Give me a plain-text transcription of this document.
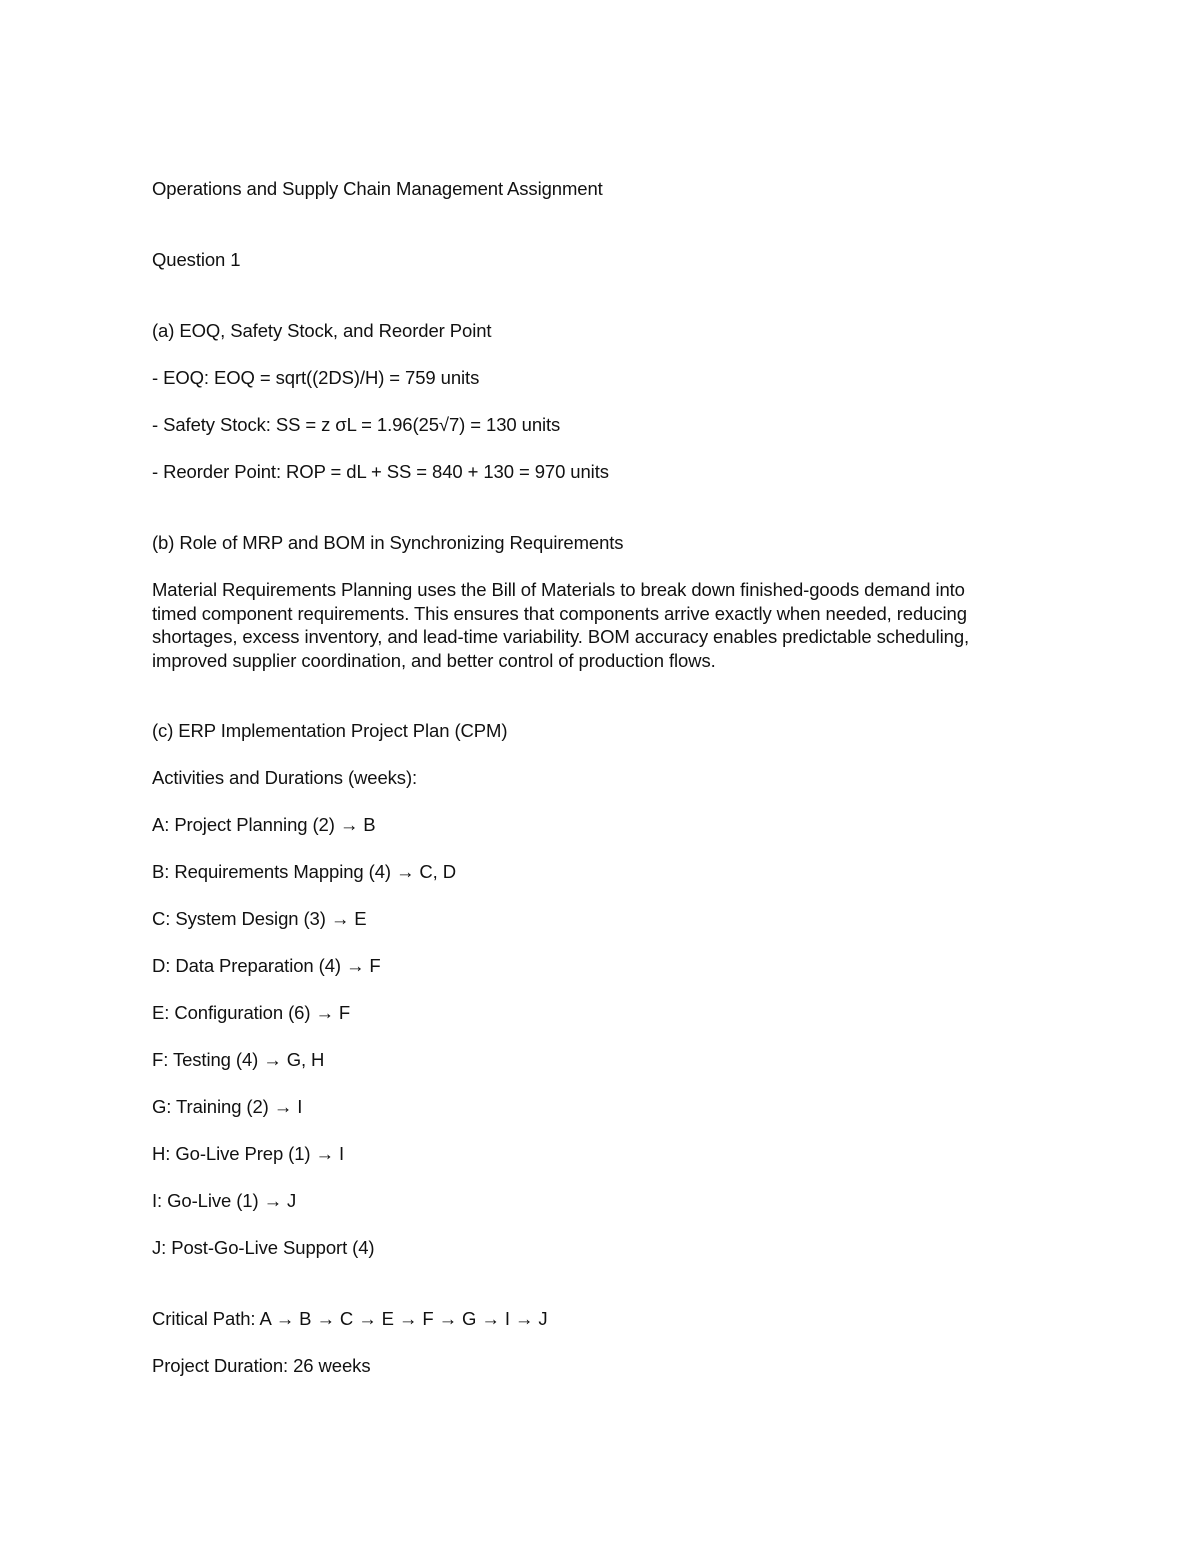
Operations and Supply Chain Management Assignment

Question 1

(a) EOQ, Safety Stock, and Reorder Point

- EOQ: EOQ = sqrt((2DS)/H) = 759 units

- Safety Stock: SS = z σL = 1.96(25√7) = 130 units

- Reorder Point: ROP = dL + SS = 840 + 130 = 970 units

(b) Role of MRP and BOM in Synchronizing Requirements

Material Requirements Planning uses the Bill of Materials to break down finished-goods demand into

timed component requirements. This ensures that components arrive exactly when needed, reducing

shortages, excess inventory, and lead-time variability. BOM accuracy enables predictable scheduling,

improved supplier coordination, and better control of production flows.

(c) ERP Implementation Project Plan (CPM)

Activities and Durations (weeks):

A: Project Planning (2) → B

B: Requirements Mapping (4) → C, D

C: System Design (3) → E

D: Data Preparation (4) → F

E: Configuration (6) → F

F: Testing (4) → G, H

G: Training (2) → I

H: Go-Live Prep (1) → I

I: Go-Live (1) → J

J: Post-Go-Live Support (4)

Critical Path: A → B → C → E → F → G → I → J

Project Duration: 26 weeks
